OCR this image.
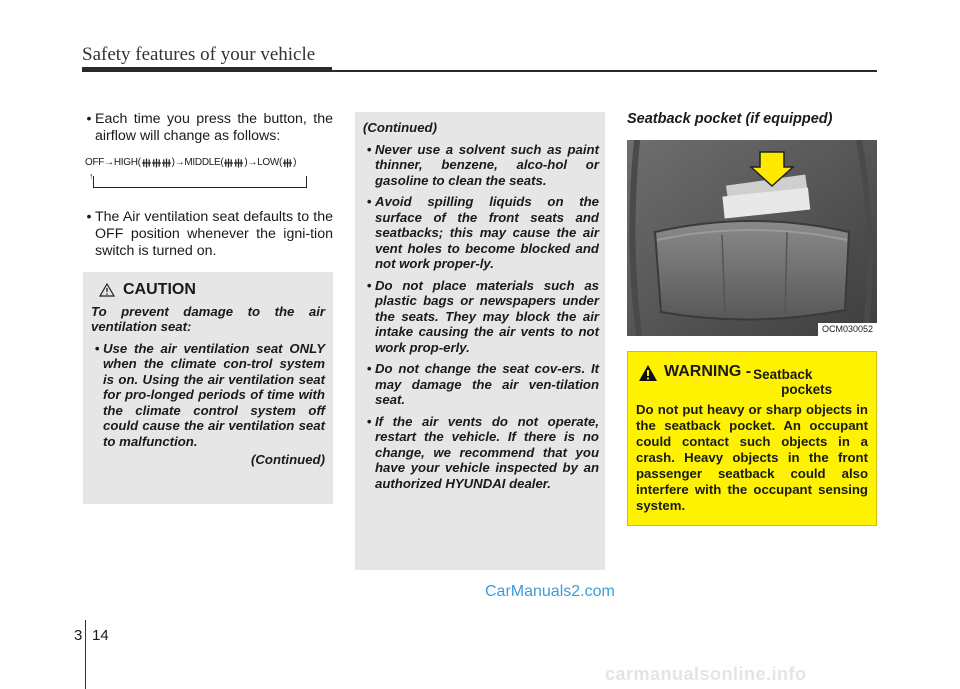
Safety features of your vehicle
• Each time you press the button, the airflow will change as follows:
OFF → HIGH(	) → MIDDLE( ) → LOW( )
↑
• The Air ventilation seat defaults to the OFF position whenever the igni-tion switch is turned on.
CAUTION
To prevent damage to the air ventilation seat:
• Use the air ventilation seat ONLY when the climate con-trol system is on. Using the air ventilation seat for pro-longed periods of time with the climate control system off could cause the air ventilation seat to malfunction.
(Continued)
(Continued)
• Never use a solvent such as paint thinner, benzene, alco-hol or gasoline to clean the seats.
• Avoid spilling liquids on the surface of the front seats and seatbacks; this may cause the air vent holes to become blocked and not work proper-ly.
• Do not place materials such as plastic bags or newspapers under the seats. They may block the air intake causing the air vents to not work prop-erly.
• Do not change the seat cov-ers. It may damage the air ven-tilation seat.
• If the air vents do not operate, restart the vehicle. If there is no change, we recommend that you have your vehicle inspected by an authorized HYUNDAI dealer.
Seatback pocket (if equipped)
OCM030052
WARNING - Seatback
pockets
Do not put heavy or sharp objects in the seatback pocket. An occupant could contact such objects in a crash. Heavy objects in the front passenger seatback could also interfere with the occupant sensing system.
CarManuals2.com
3 14
carmanualsonline.info
